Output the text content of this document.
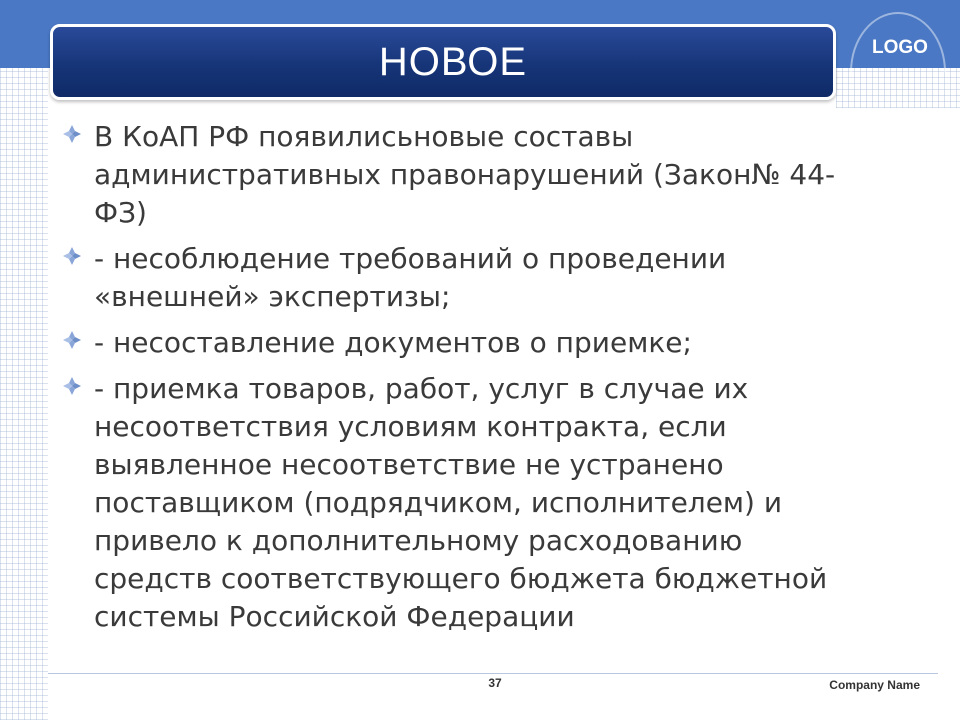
LOGO
НОВОЕ
В КоАП РФ появилисьновые составы административных правонарушений (Закон№ 44-ФЗ)
- несоблюдение требований о проведении «внешней» экспертизы;
- несоставление документов о приемке;
- приемка товаров, работ, услуг в случае их несоответствия условиям контракта, если выявленное несоответствие не устранено поставщиком (подрядчиком, исполнителем) и привело к дополнительному расходованию средств соответствующего бюджета бюджетной системы Российской Федерации
37	Company Name
